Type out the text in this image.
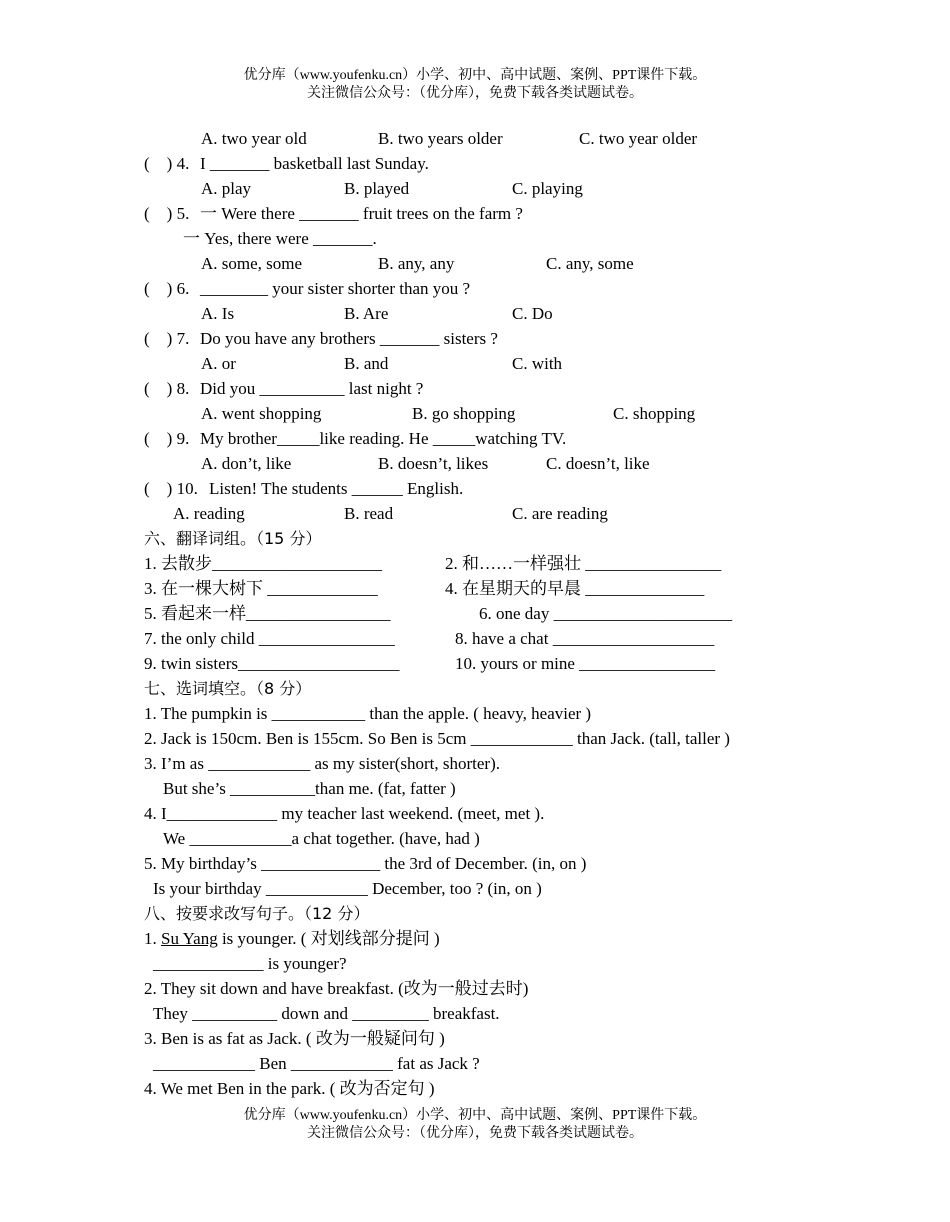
优分库（www.youfenku.cn）小学、初中、高中试题、案例、PPT课件下载。
关注微信公众号：（优分库），免费下载各类试题试卷。

A. two year old

	B. two years older

	C. two year older

(    ) 4.

I _______ basketball last Sunday.

A. play

	B. played

	C. playing

(    ) 5.

一 Were there _______ fruit trees on the farm ?

一 Yes, there were _______.

A. some, some

	B. any, any

	C. any, some

(    ) 6.

________ your sister shorter than you ?

A. Is

	B. Are

	C. Do

(    ) 7.

Do you have any brothers _______ sisters ?

A. or

	B. and

	C. with

(    ) 8.

Did you __________ last night ?

A. went shopping

	B. go shopping

	C. shopping

(    ) 9.

My brother_____like reading. He _____watching TV.

A. don’t, like

	B. doesn’t, likes

	C. doesn’t, like

(    ) 10.

Listen! The students ______ English.

A. reading

	B. read

	C. are reading

六、翻译词组。（15 分）

1. 去散步____________________

	2. 和……一样强壮 ________________

3. 在一棵大树下 _____________

	4. 在星期天的早晨 ______________

5. 看起来一样_________________

	6. one day _____________________

7. the only child ________________

	8. have a chat ___________________

9. twin sisters___________________

	10. yours or mine ________________

七、选词填空。（8 分）

1. The pumpkin is ___________ than the apple. ( heavy, heavier )

2. Jack is 150cm. Ben is 155cm. So Ben is 5cm ____________ than Jack. (tall, taller )

3. I’m as ____________ as my sister(short, shorter).

But she’s __________than me. (fat, fatter )

4. I_____________ my teacher last weekend. (meet, met ).

We ____________a chat together. (have, had )

5. My birthday’s ______________ the 3rd of December. (in, on )

Is your birthday ____________ December, too ? (in, on )

八、按要求改写句子。（12 分）

1. Su Yang is younger. ( 对划线部分提问 )

_____________ is younger?

2. They sit down and have breakfast. (改为一般过去时)

They __________ down and _________ breakfast.

3. Ben is as fat as Jack. ( 改为一般疑问句 )

____________ Ben ____________ fat as Jack ?

4. We met Ben in the park. ( 改为否定句 )

优分库（www.youfenku.cn）小学、初中、高中试题、案例、PPT课件下载。
关注微信公众号：（优分库），免费下载各类试题试卷。
